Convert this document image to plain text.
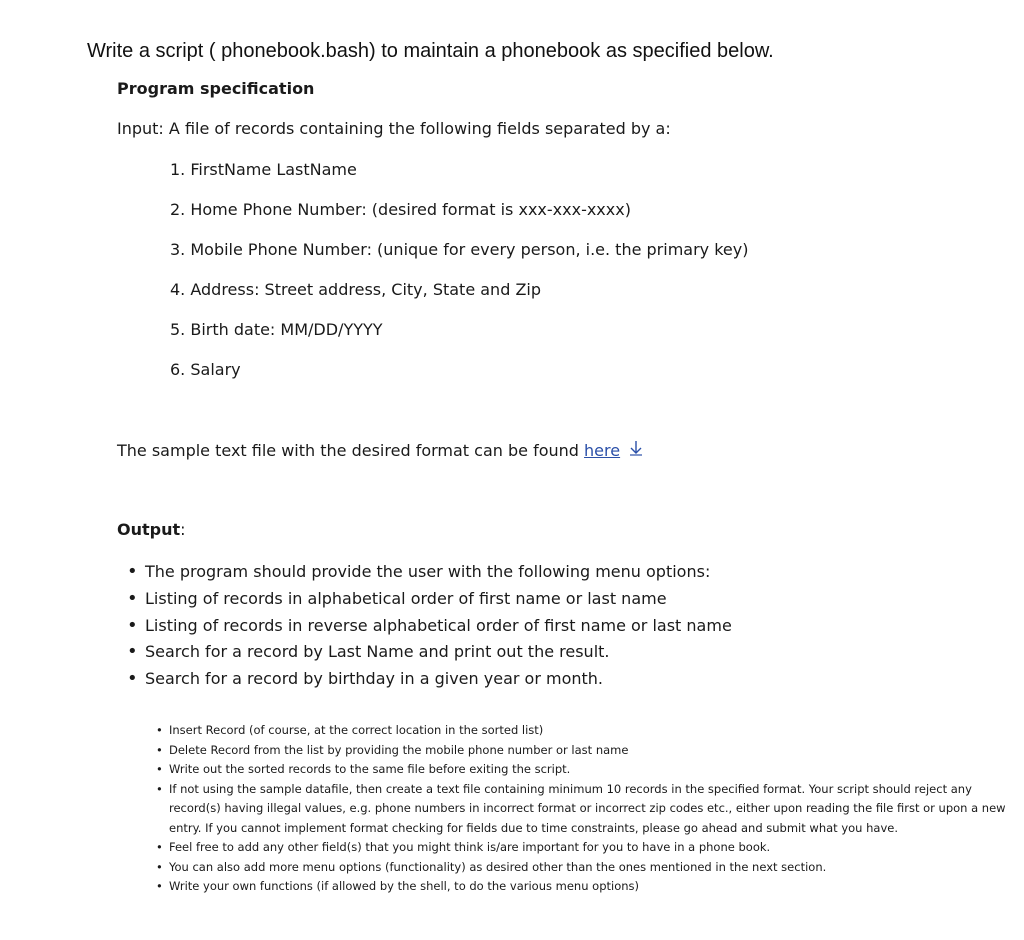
Write a script ( phonebook.bash) to maintain a phonebook as specified below.
Program specification
Input: A file of records containing the following fields separated by a:
1. FirstName LastName
2. Home Phone Number: (desired format is xxx-xxx-xxxx)
3. Mobile Phone Number: (unique for every person, i.e. the primary key)
4. Address: Street address, City, State and Zip
5. Birth date: MM/DD/YYYY
6. Salary
The sample text file with the desired format can be found here
Output:
• The program should provide the user with the following menu options:
• Listing of records in alphabetical order of first name or last name
• Listing of records in reverse alphabetical order of first name or last name
• Search for a record by Last Name and print out the result.
• Search for a record by birthday in a given year or month.
• Insert Record (of course, at the correct location in the sorted list)
• Delete Record from the list by providing the mobile phone number or last name
• Write out the sorted records to the same file before exiting the script.
• If not using the sample datafile, then create a text file containing minimum 10 records in the specified format. Your script should reject any record(s) having illegal values, e.g. phone numbers in incorrect format or incorrect zip codes etc., either upon reading the file first or upon a new entry. If you cannot implement format checking for fields due to time constraints, please go ahead and submit what you have.
• Feel free to add any other field(s) that you might think is/are important for you to have in a phone book.
• You can also add more menu options (functionality) as desired other than the ones mentioned in the next section.
• Write your own functions (if allowed by the shell, to do the various menu options)
